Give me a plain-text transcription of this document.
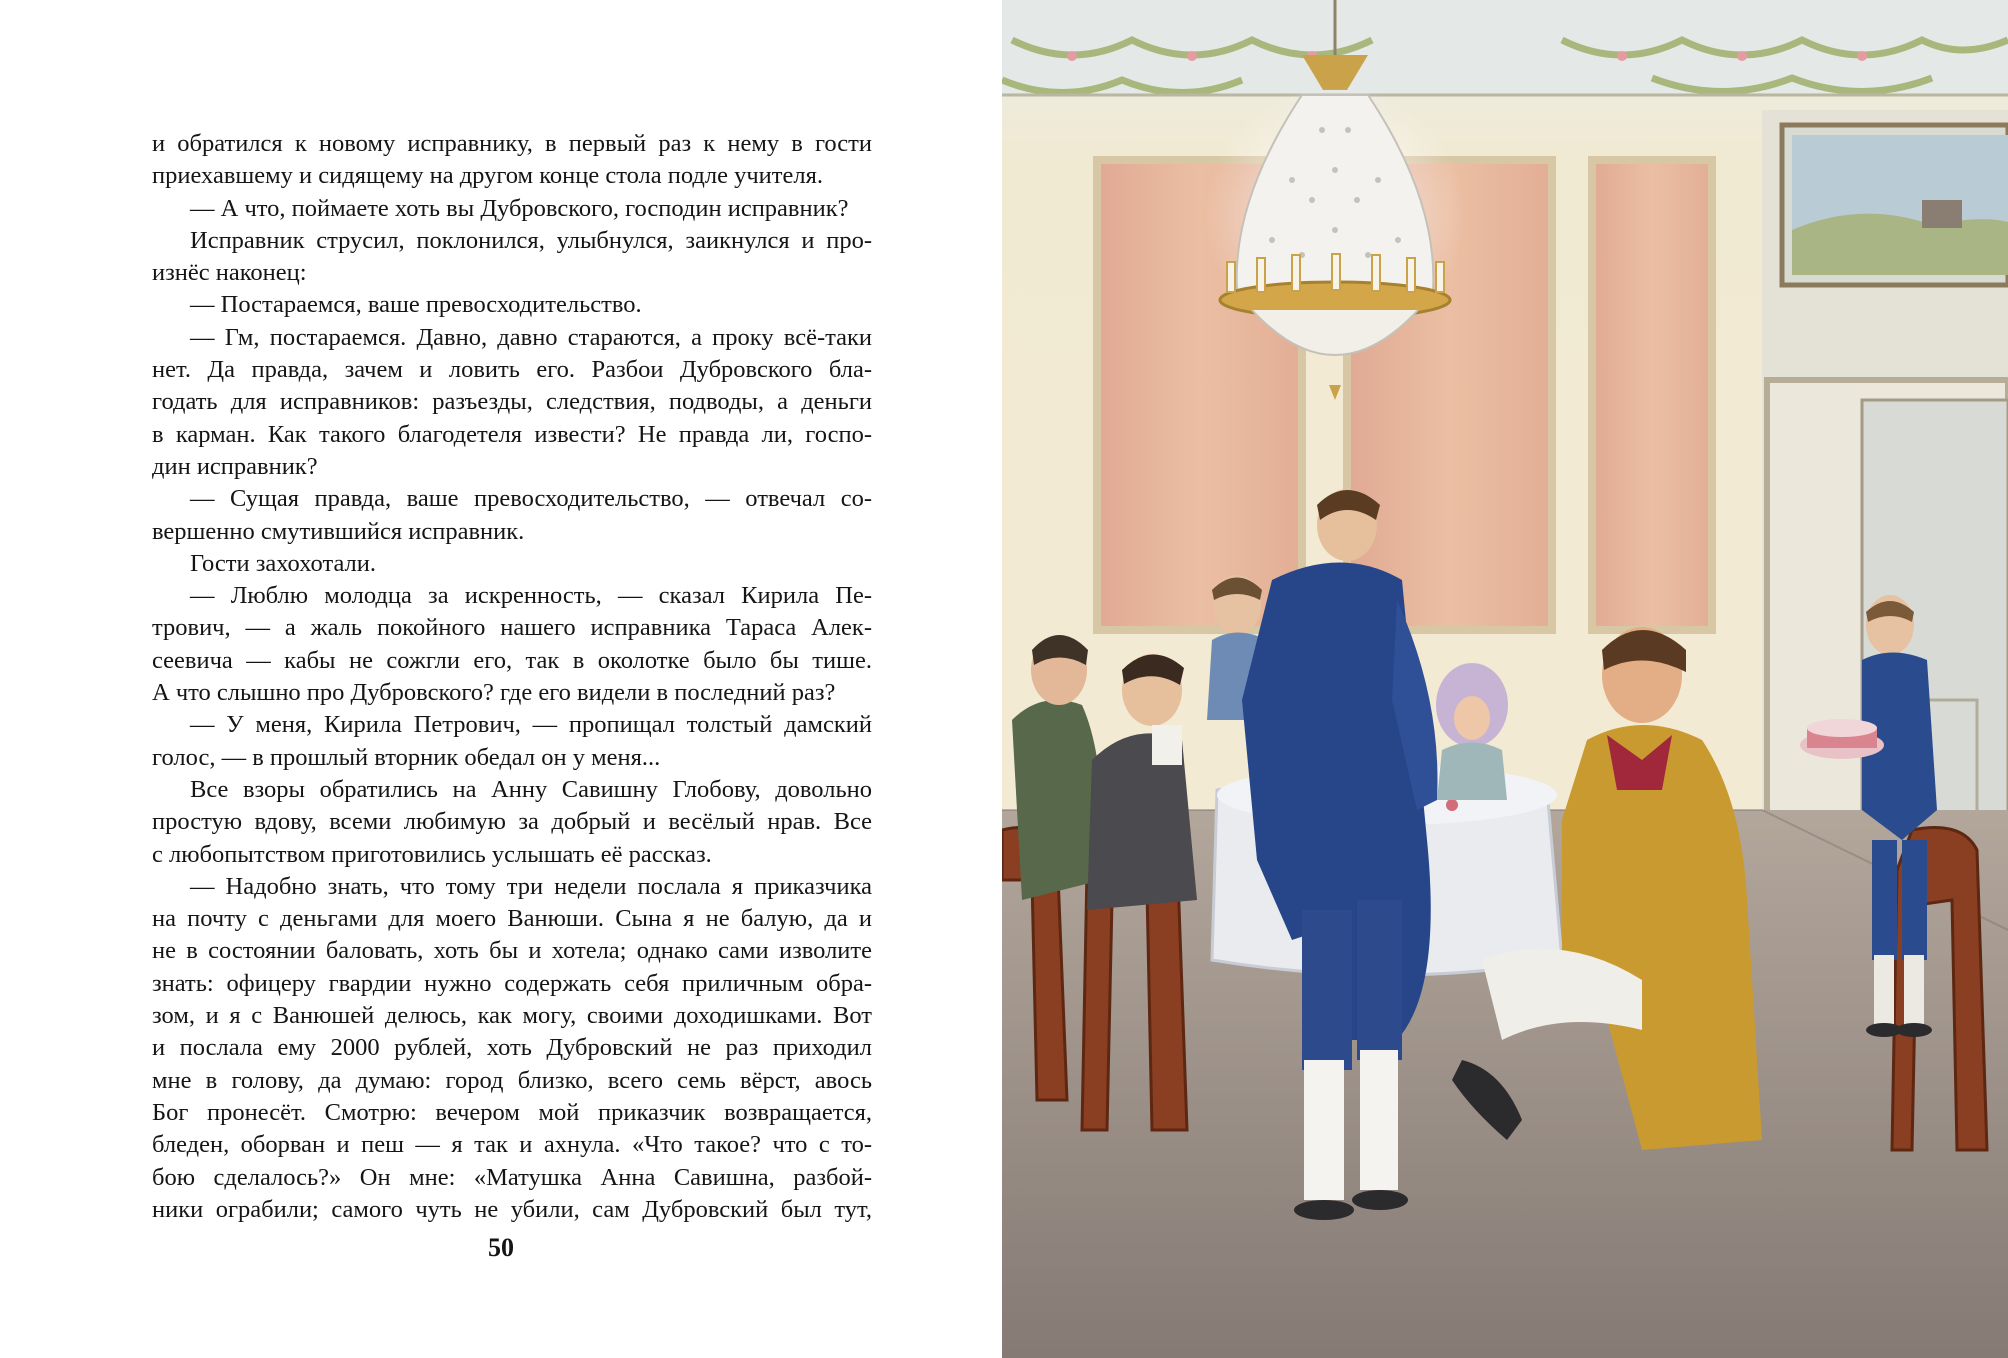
и обратился к новому исправнику, в первый раз к нему в гости
приехавшему и сидящему на другом конце стола подле учителя.
— А что, поймаете хоть вы Дубровского, господин исправник?
Исправник струсил, поклонился, улыбнулся, заикнулся и про-
изнёс наконец:
— Постараемся, ваше превосходительство.
— Гм, постараемся. Давно, давно стараются, а проку всё-таки
нет. Да правда, зачем и ловить его. Разбои Дубровского бла-
годать для исправников: разъезды, следствия, подводы, а деньги
в карман. Как такого благодетеля извести? Не правда ли, госпо-
дин исправник?
— Сущая правда, ваше превосходительство, — отвечал со-
вершенно смутившийся исправник.
Гости захохотали.
— Люблю молодца за искренность, — сказал Кирила Пе-
трович, — а жаль покойного нашего исправника Тараса Алек-
сеевича — кабы не сожгли его, так в околотке было бы тише.
А что слышно про Дубровского? где его видели в последний раз?
— У меня, Кирила Петрович, — пропищал толстый дамский
голос, — в прошлый вторник обедал он у меня...
Все взоры обратились на Анну Савишну Глобову, довольно
простую вдову, всеми любимую за добрый и весёлый нрав. Все
с любопытством приготовились услышать её рассказ.
— Надобно знать, что тому три недели послала я приказчика
на почту с деньгами для моего Ванюши. Сына я не балую, да и
не в состоянии баловать, хоть бы и хотела; однако сами изволите
знать: офицеру гвардии нужно содержать себя приличным обра-
зом, и я с Ванюшей делюсь, как могу, своими доходишками. Вот
и послала ему 2000 рублей, хоть Дубровский не раз приходил
мне в голову, да думаю: город близко, всего семь вёрст, авось
Бог пронесёт. Смотрю: вечером мой приказчик возвращается,
бледен, оборван и пеш — я так и ахнула. «Что такое? что с то-
бою сделалось?» Он мне: «Матушка Анна Савишна, разбой-
ники ограбили; самого чуть не убили, сам Дубровский был тут,
50
